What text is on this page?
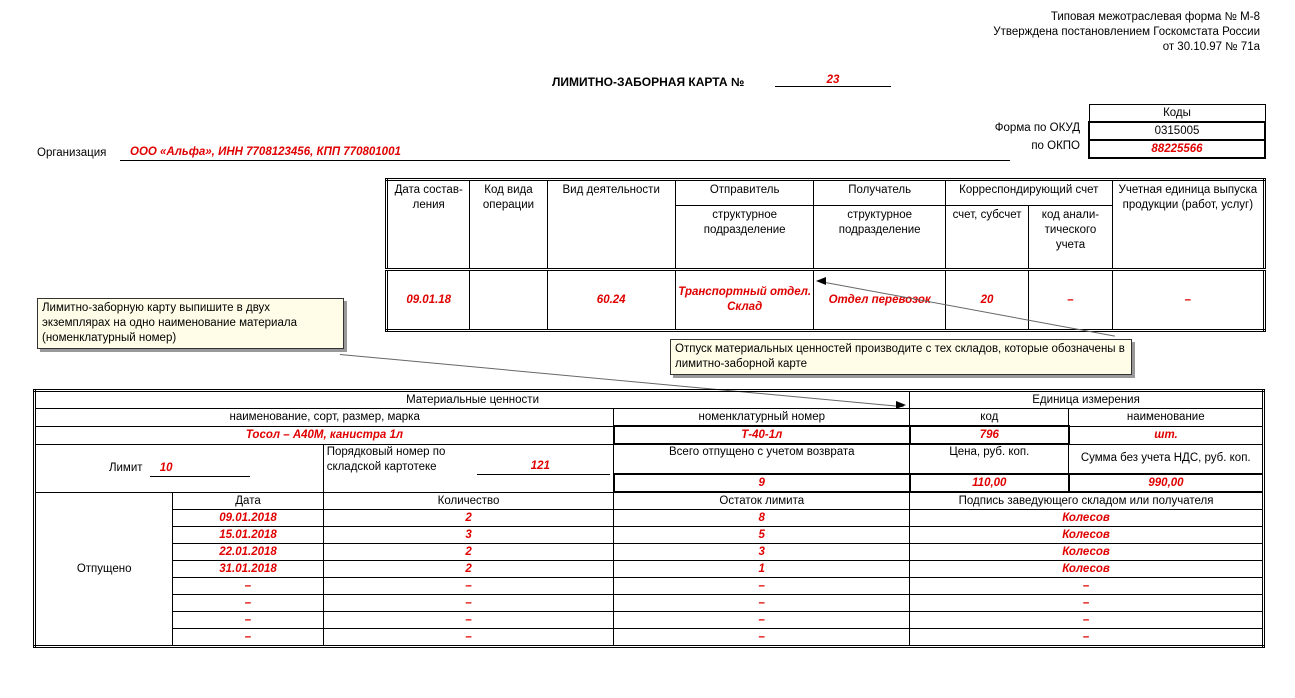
Типовая межотраслевая форма № М-8
Утверждена постановлением Госкомстата России
от 30.10.97 № 71а
ЛИМИТНО-ЗАБОРНАЯ КАРТА №	23
Форма по ОКУД
по ОКПО
Коды
0315005
88225566
Организация ООО «Альфа», ИНН 7708123456, КПП 770801001
Дата состав-ления	Код вида операции	Вид деятельности	Отправитель	Получатель	Корреспондирующий счет	Учетная единица выпуска продукции (работ, услуг)
структурное подразделение	структурное подразделение	счет, субсчет	код анали-тического учета
09.01.18		60.24	Транспортный отдел. Склад	Отдел перевозок	20	–	–
Лимитно-заборную карту выпишите в двух экземплярах на одно наименование материала (номенклатурный номер)
Отпуск материальных ценностей производите с тех складов, которые обозначены в лимитно-заборной карте
Материальные ценности	Единица измерения
наименование, сорт, размер, марка	номенклатурный номер	код	наименование
Тосол – А40М, канистра 1л	Т-40-1л	796	шт.
Лимит 10	
Порядковый номер по складской картотеке	121
	Всего отпущено с учетом возврата	Цена, руб. коп.	Сумма без учета НДС, руб. коп.
9	110,00	990,00
Отпущено	Дата	Количество	Остаток лимита	Подпись заведующего складом или получателя
09.01.2018	2	8	Колесов
15.01.2018	3	5	Колесов
22.01.2018	2	3	Колесов
31.01.2018	2	1	Колесов
–	–	–	–
–	–	–	–
–	–	–	–
–	–	–	–
